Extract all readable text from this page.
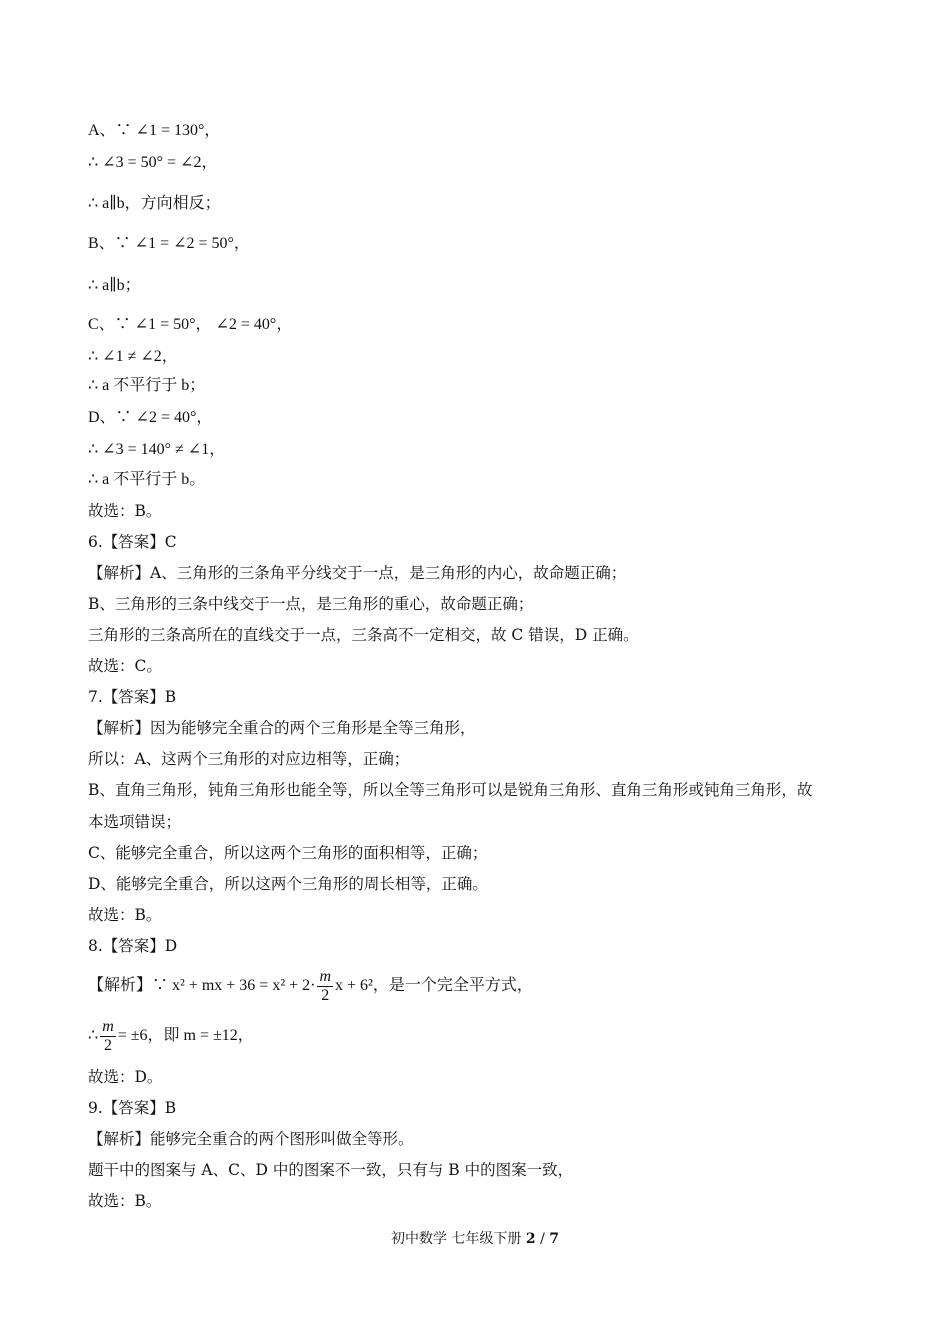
A、∵ ∠1 = 130°，
∴ ∠3 = 50° = ∠2，
∴ a∥b，方向相反；
B、∵ ∠1 = ∠2 = 50°，
∴ a∥b；
C、∵ ∠1 = 50°， ∠2 = 40°，
∴ ∠1 ≠ ∠2，
∴ a 不平行于 b；
D、∵ ∠2 = 40°，
∴ ∠3 = 140° ≠ ∠1，
∴ a 不平行于 b。
故选：B。
6.【答案】C
【解析】A、三角形的三条角平分线交于一点，是三角形的内心，故命题正确；
B、三角形的三条中线交于一点，是三角形的重心，故命题正确；
三角形的三条高所在的直线交于一点，三条高不一定相交，故 C 错误，D 正确。
故选：C。
7.【答案】B
【解析】因为能够完全重合的两个三角形是全等三角形，
所以：A、这两个三角形的对应边相等，正确；
B、直角三角形，钝角三角形也能全等，所以全等三角形可以是锐角三角形、直角三角形或钝角三角形，故
本选项错误；
C、能够完全重合，所以这两个三角形的面积相等，正确；
D、能够完全重合，所以这两个三角形的周长相等，正确。
故选：B。
8.【答案】D
【解析】∵ x² + mx + $36 = x^2 + 2\cdot \frac{m}{2}$ x + 6²，是一个完全平方式，
∴ $\frac{m}{2} = \pm 6$，即 m = ±12，
故选：D。
9.【答案】B
【解析】能够完全重合的两个图形叫做全等形。
题干中的图案与 A、C、D 中的图案不一致，只有与 B 中的图案一致，
故选：B。
初中数学 七年级下册 2 / 7
